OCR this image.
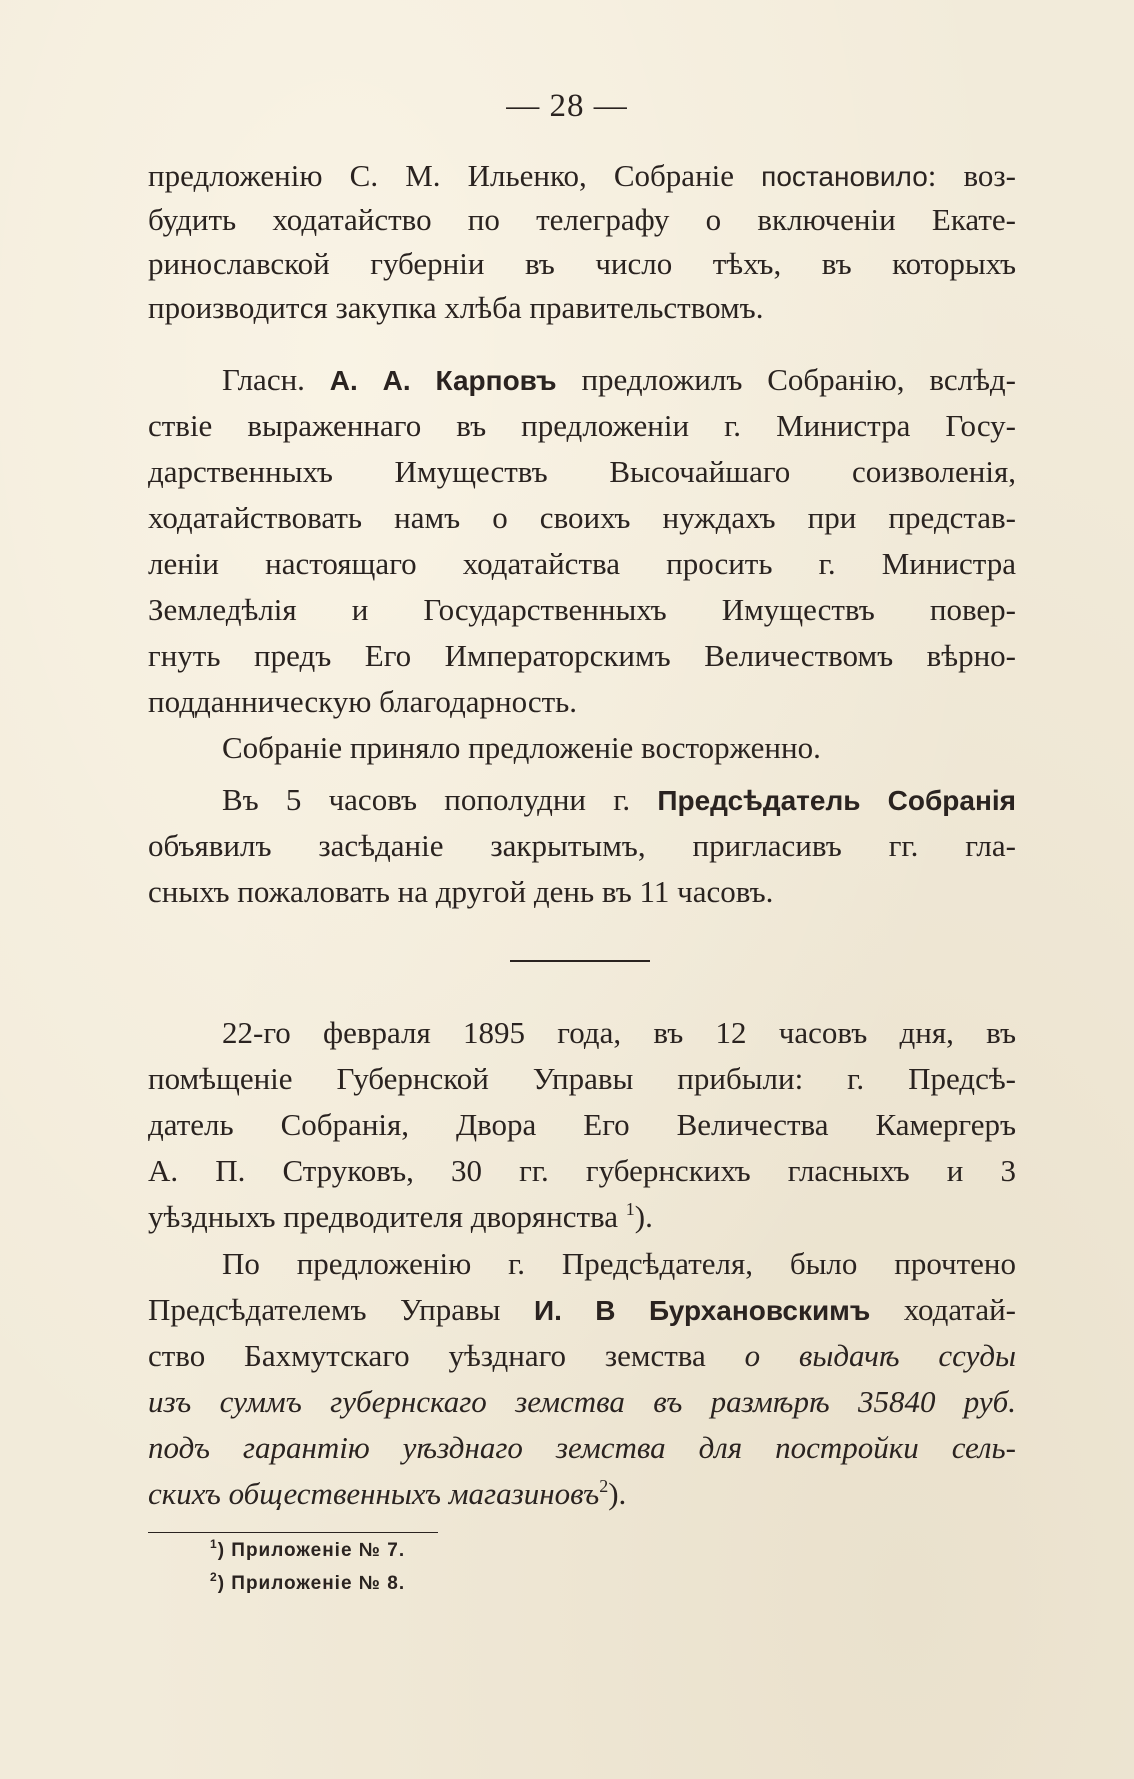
— 28 —
предложенію С. М. Ильенко, Собраніе постановило: воз-
будить ходатайство по телеграфу о включеніи Екате-
ринославской губерніи въ число тѣхъ, въ которыхъ
производится закупка хлѣба правительствомъ.
Гласн. А. А. Карповъ предложилъ Собранію, вслѣд-
ствіе выраженнаго въ предложеніи г. Министра Госу-
дарственныхъ Имуществъ Высочайшаго соизволенія,
ходатайствовать намъ о своихъ нуждахъ при представ-
леніи настоящаго ходатайства просить г. Министра
Земледѣлія и Государственныхъ Имуществъ повер-
гнуть предъ Его Императорскимъ Величествомъ вѣрно-
подданническую благодарность.
Собраніе приняло предложеніе восторженно.
Въ 5 часовъ пополудни г. Предсѣдатель Собранія
объявилъ засѣданіе закрытымъ, пригласивъ гг. гла-
сныхъ пожаловать на другой день въ 11 часовъ.
22-го февраля 1895 года, въ 12 часовъ дня, въ
помѣщеніе Губернской Управы прибыли: г. Предсѣ-
датель Собранія, Двора Его Величества Камергеръ
А. П. Струковъ, 30 гг. губернскихъ гласныхъ и 3
уѣздныхъ предводителя дворянства $^1$).
По предложенію г. Предсѣдателя, было прочтено
Предсѣдателемъ Управы И. В Бурхановскимъ ходатай-
ство Бахмутскаго уѣзднаго земства о выдачѣ ссуды
изъ суммъ губернскаго земства въ размѣрѣ 35840 руб.
подъ гарантію уѣзднаго земства для постройки сель-
скихъ общественныхъ магазиновъ$^2$).
$^1$) Приложеніе № 7.
$^2$) Приложеніе № 8.
